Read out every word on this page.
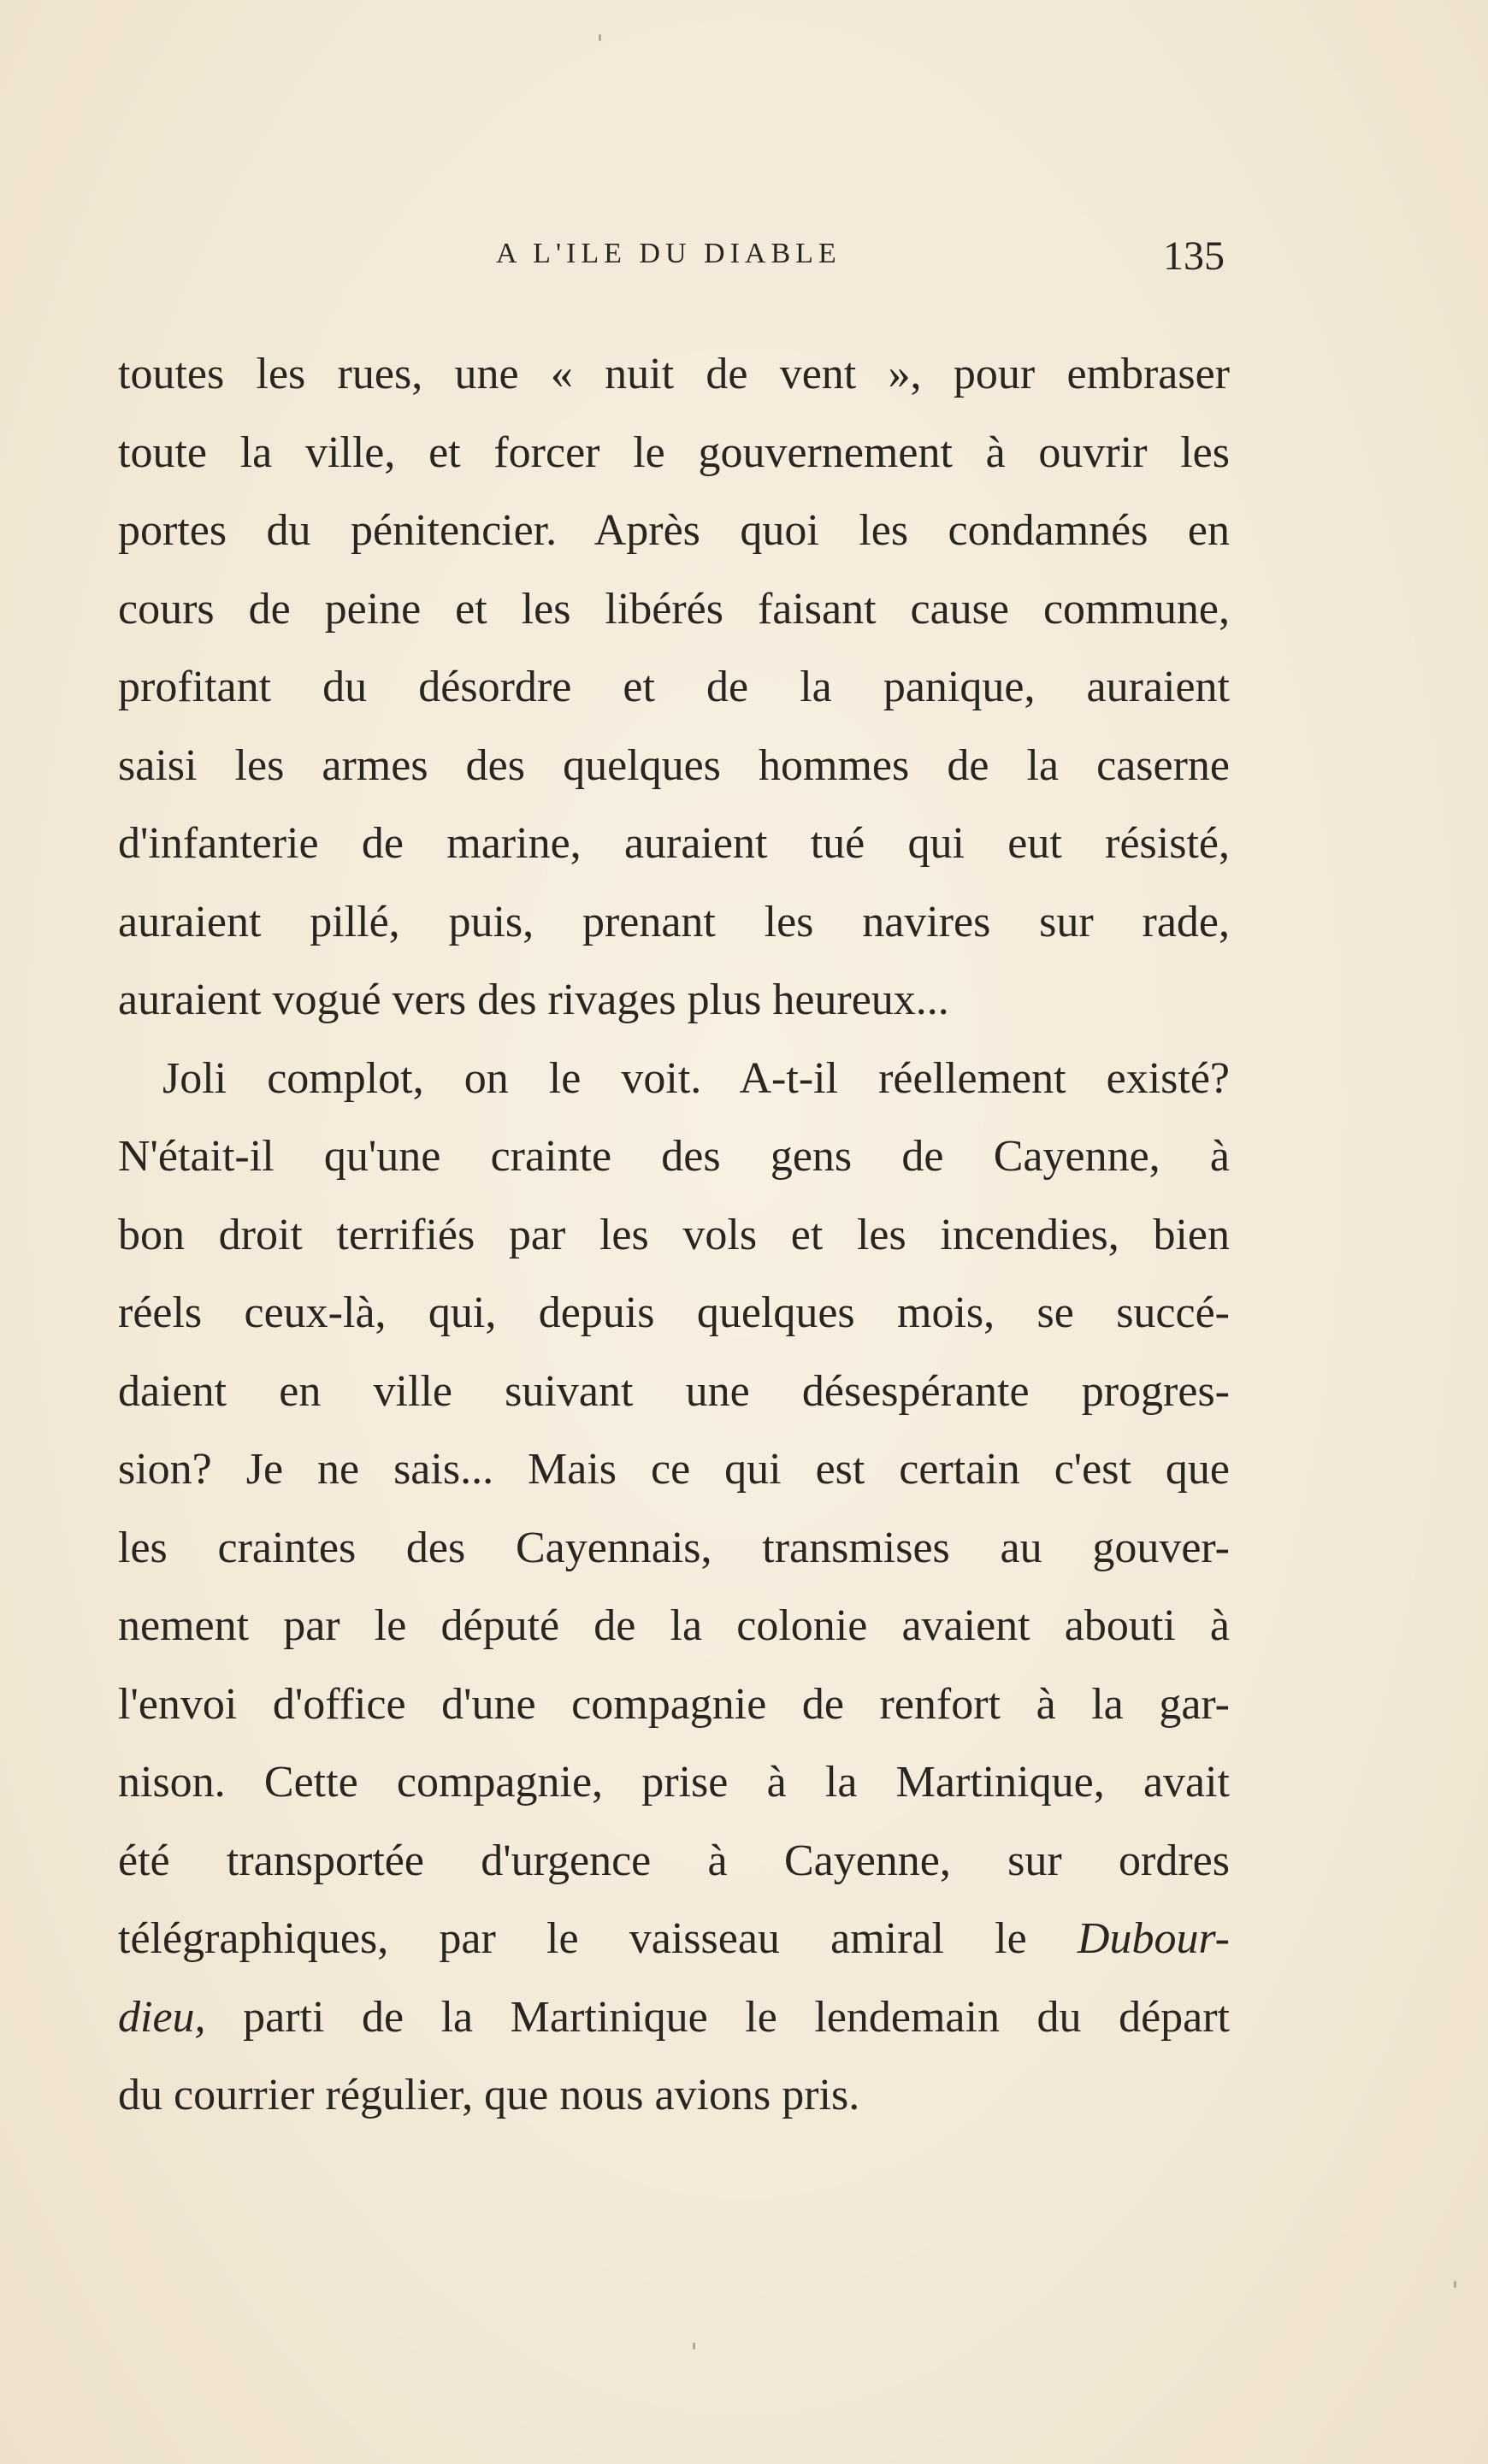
A L'ILE DU DIABLE	135
toutes les rues, une « nuit de vent », pour embraser
toute la ville, et forcer le gouvernement à ouvrir les
portes du pénitencier. Après quoi les condamnés en
cours de peine et les libérés faisant cause commune,
profitant du désordre et de la panique, auraient
saisi les armes des quelques hommes de la caserne
d'infanterie de marine, auraient tué qui eut résisté,
auraient pillé, puis, prenant les navires sur rade,
auraient vogué vers des rivages plus heureux...
Joli complot, on le voit. A-t-il réellement existé?
N'était-il qu'une crainte des gens de Cayenne, à
bon droit terrifiés par les vols et les incendies, bien
réels ceux-là, qui, depuis quelques mois, se succé-
daient en ville suivant une désespérante progres-
sion? Je ne sais... Mais ce qui est certain c'est que
les craintes des Cayennais, transmises au gouver-
nement par le député de la colonie avaient abouti à
l'envoi d'office d'une compagnie de renfort à la gar-
nison. Cette compagnie, prise à la Martinique, avait
été transportée d'urgence à Cayenne, sur ordres
télégraphiques, par le vaisseau amiral le Dubour-
dieu, parti de la Martinique le lendemain du départ
du courrier régulier, que nous avions pris.
